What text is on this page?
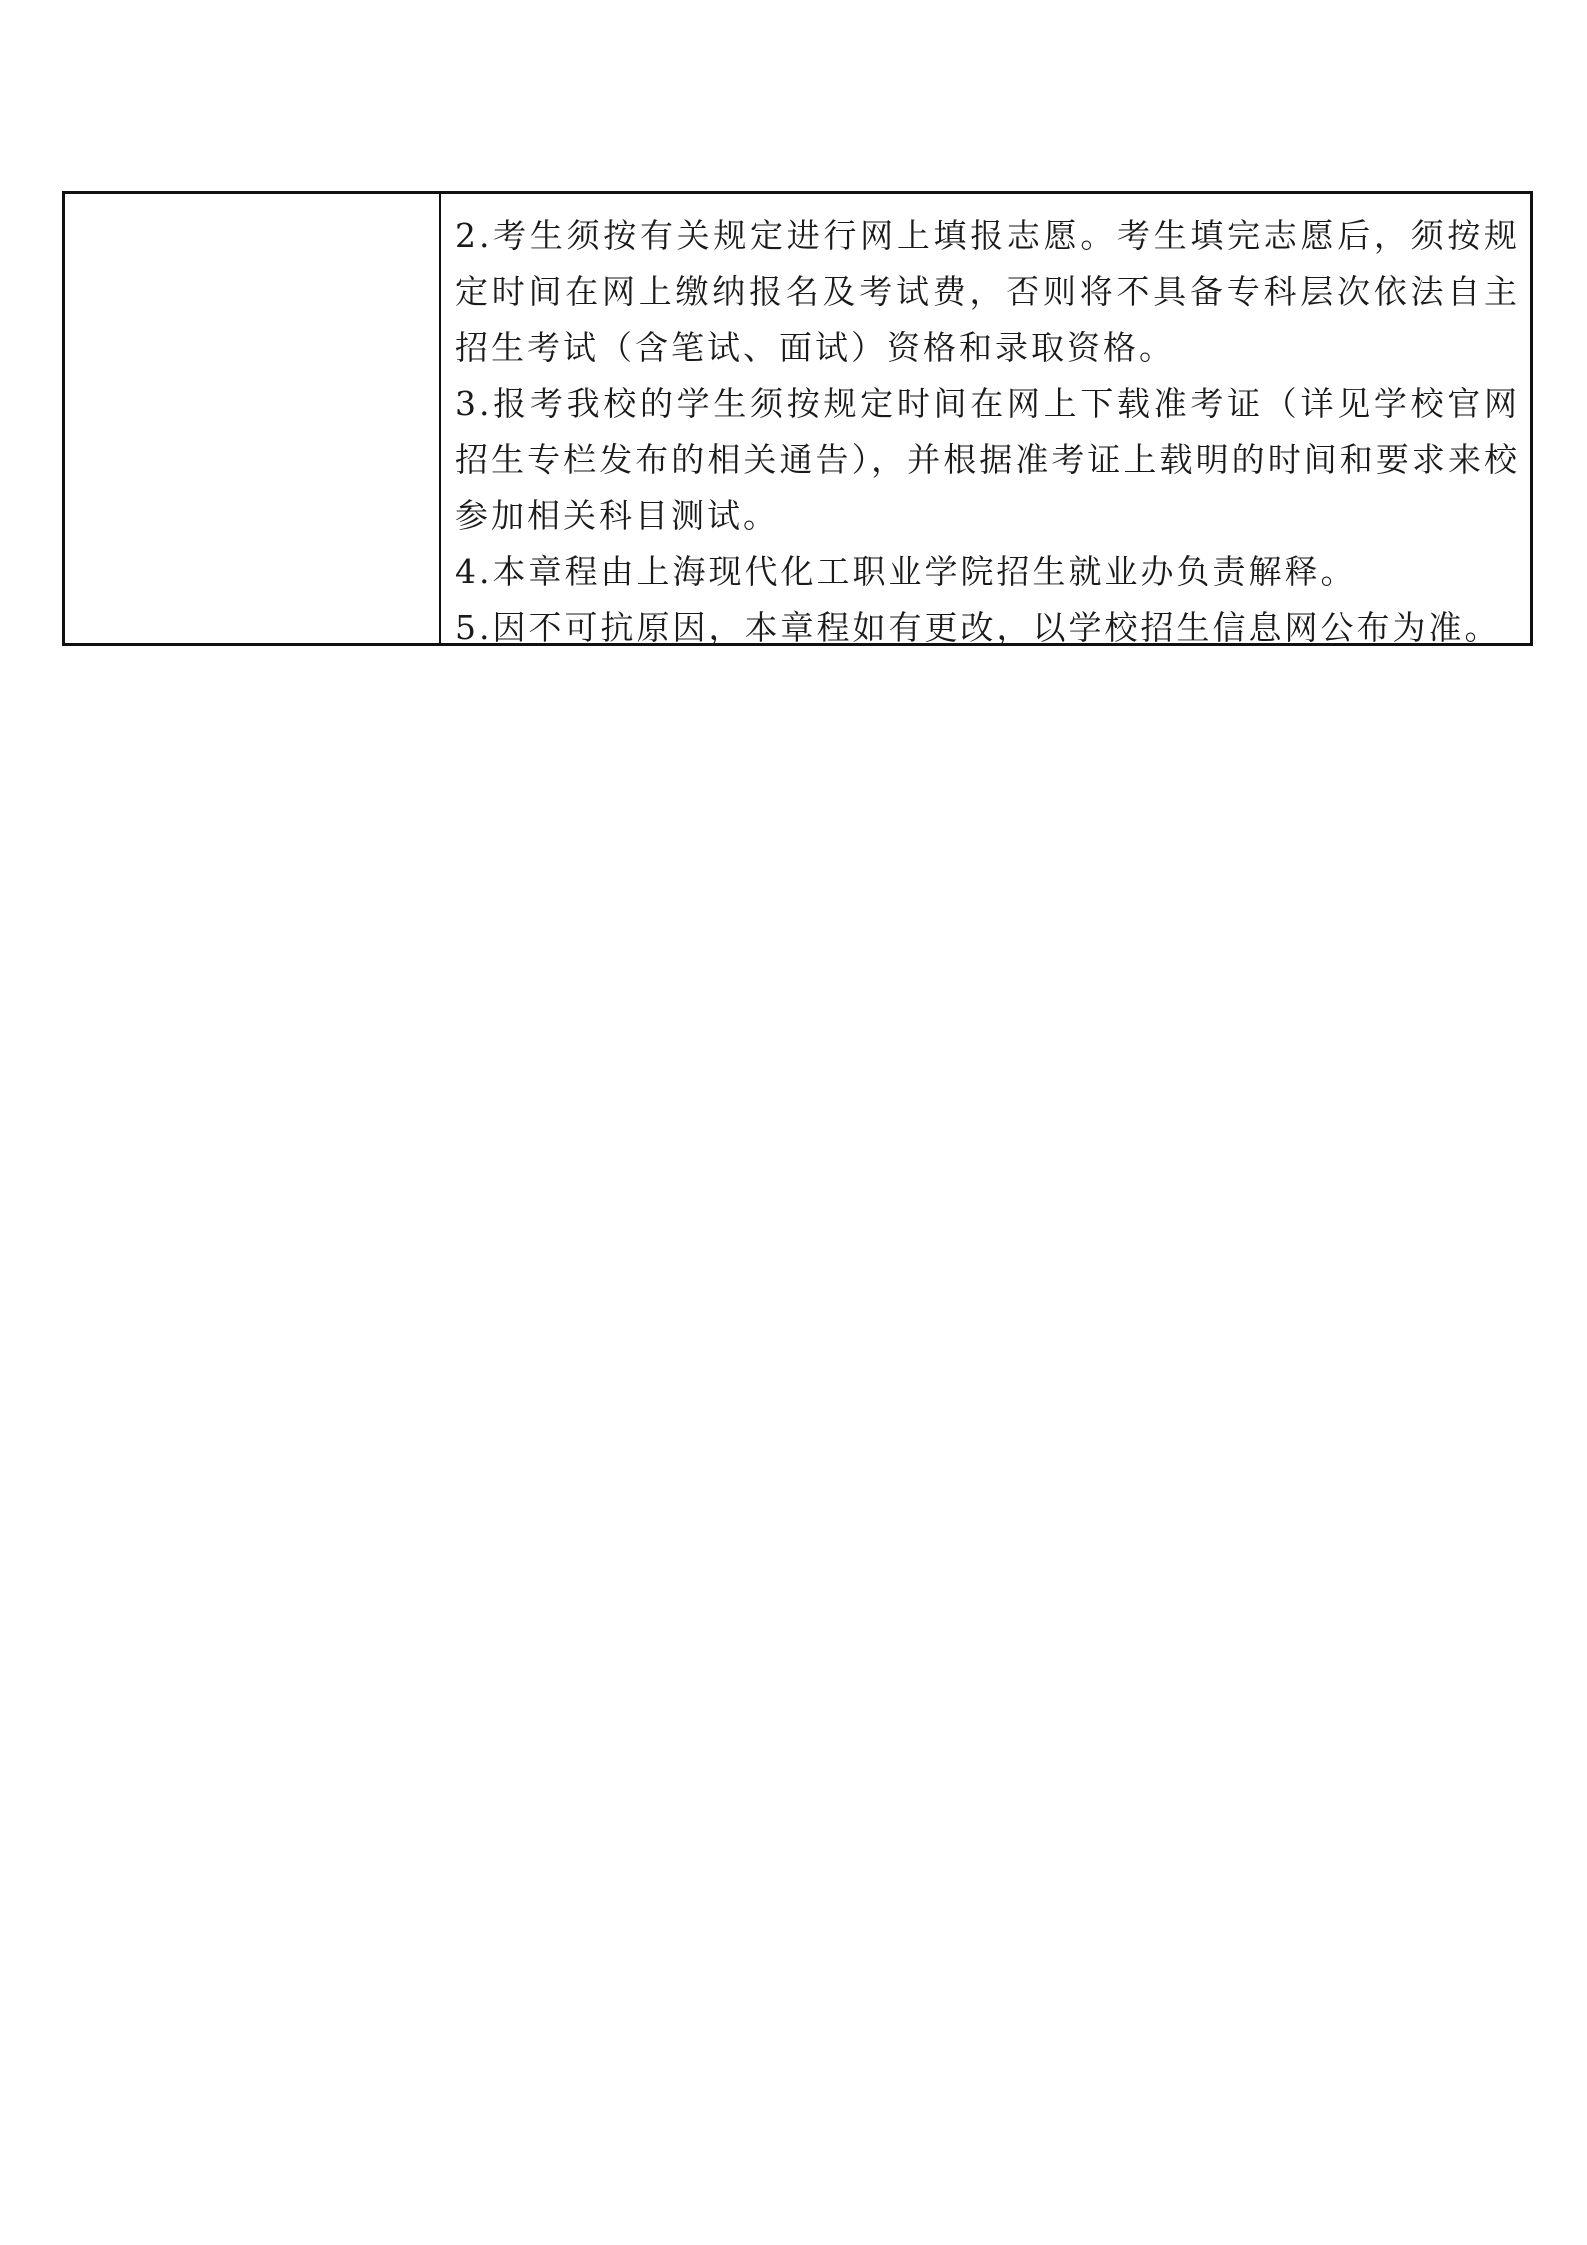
2.考生须按有关规定进行网上填报志愿。考生填完志愿后，须按规定时间在网上缴纳报名及考试费，否则将不具备专科层次依法自主招生考试（含笔试、面试）资格和录取资格。

3.报考我校的学生须按规定时间在网上下载准考证（详见学校官网招生专栏发布的相关通告），并根据准考证上载明的时间和要求来校参加相关科目测试。

4.本章程由上海现代化工职业学院招生就业办负责解释。

5.因不可抗原因，本章程如有更改，以学校招生信息网公布为准。
